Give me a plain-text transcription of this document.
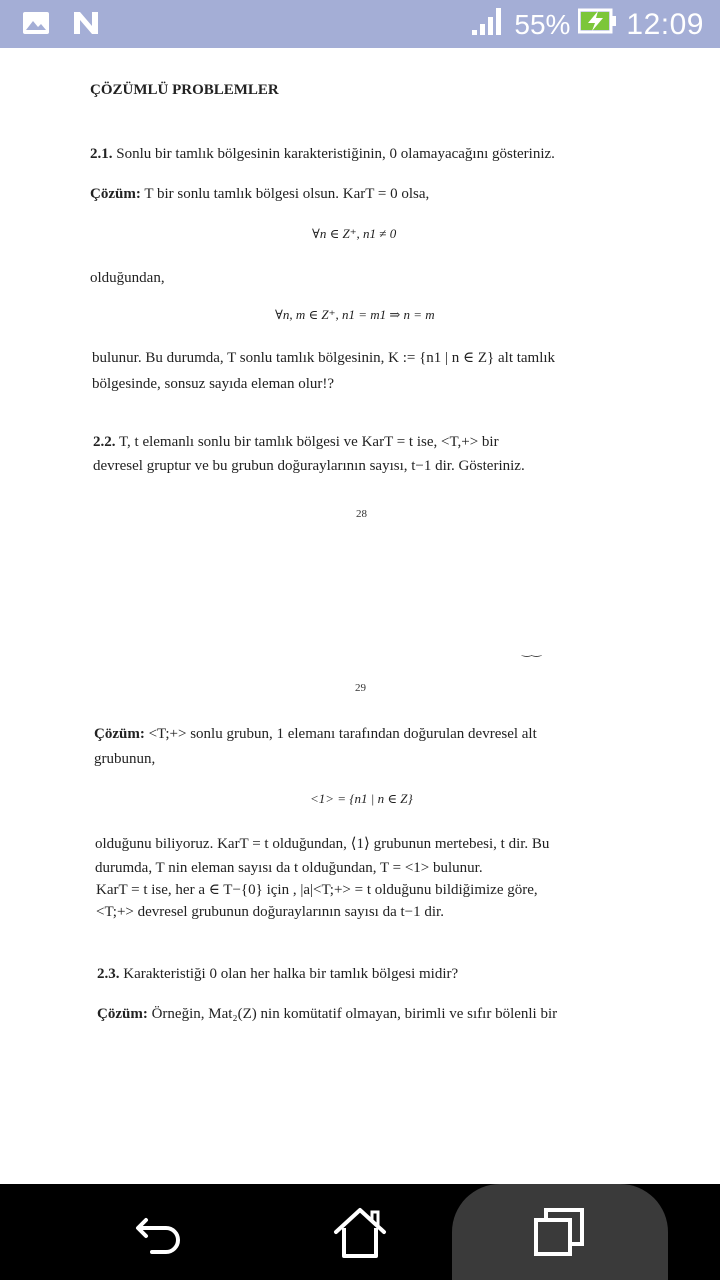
55% 12:09
ÇÖZÜMLÜ PROBLEMLER
2.1. Sonlu bir tamlık bölgesinin karakteristiğinin, 0 olamayacağını gösteriniz.
Çözüm: T bir sonlu tamlık bölgesi olsun. KarT = 0 olsa,
∀n ∈ Z⁺, n1 ≠ 0
olduğundan,
∀n, m ∈ Z⁺, n1 = m1 ⇒ n = m
bulunur. Bu durumda, T sonlu tamlık bölgesinin, K := {n1 | n ∈ Z} alt tamlık
bölgesinde, sonsuz sayıda eleman olur!?
2.2. T, t elemanlı sonlu bir tamlık bölgesi ve KarT = t ise, <T,+> bir
devresel gruptur ve bu grubun doğuraylarının sayısı, t−1 dir. Gösteriniz.
28
‿‿
29
Çözüm: <T;+> sonlu grubun, 1 elemanı tarafından doğurulan devresel alt
grubunun,
<1> = {n1 | n ∈ Z}
olduğunu biliyoruz. KarT = t olduğundan, ⟨1⟩ grubunun mertebesi, t dir. Bu
durumda, T nin eleman sayısı da t olduğundan, T = <1> bulunur.
KarT = t ise, her a ∈ T−{0} için , |a|<T;+> = t olduğunu bildiğimize göre,
<T;+> devresel grubunun doğuraylarının sayısı da t−1 dir.
2.3. Karakteristiği 0 olan her halka bir tamlık bölgesi midir?
Çözüm: Örneğin, Mat₂(Z) nin komütatif olmayan, birimli ve sıfır bölenli bir
